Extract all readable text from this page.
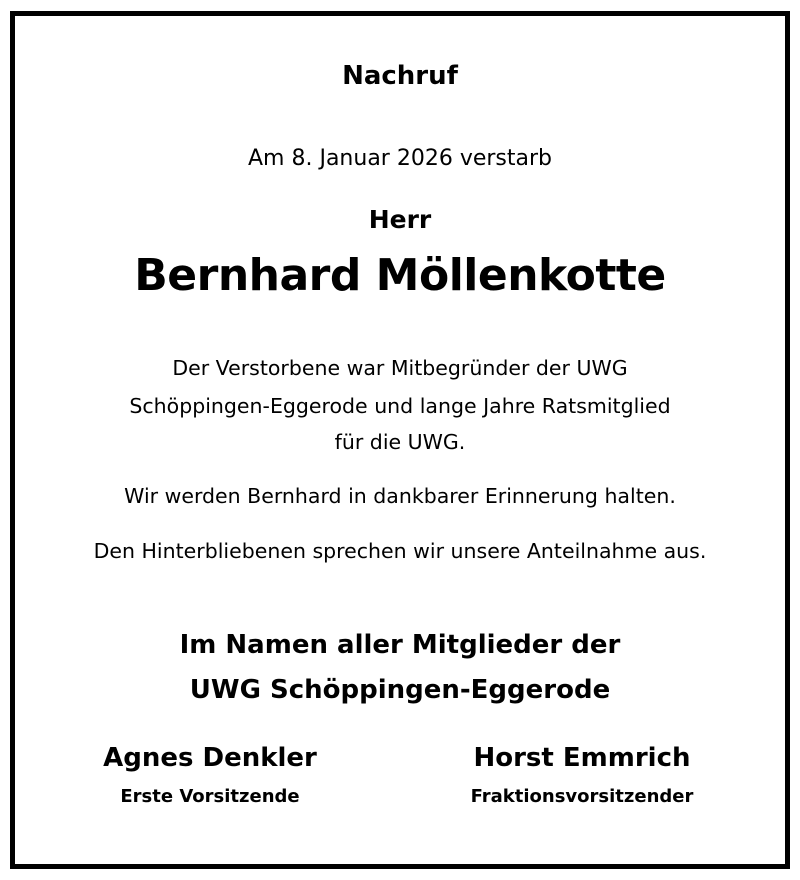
Nachruf
Am 8. Januar 2026 verstarb
Herr
Bernhard Möllenkotte
Der Verstorbene war Mitbegründer der UWG
Schöppingen-Eggerode und lange Jahre Ratsmitglied
für die UWG.
Wir werden Bernhard in dankbarer Erinnerung halten.
Den Hinterbliebenen sprechen wir unsere Anteilnahme aus.
Im Namen aller Mitglieder der
UWG Schöppingen-Eggerode
Agnes Denkler
Erste Vorsitzende
Horst Emmrich
Fraktionsvorsitzender
